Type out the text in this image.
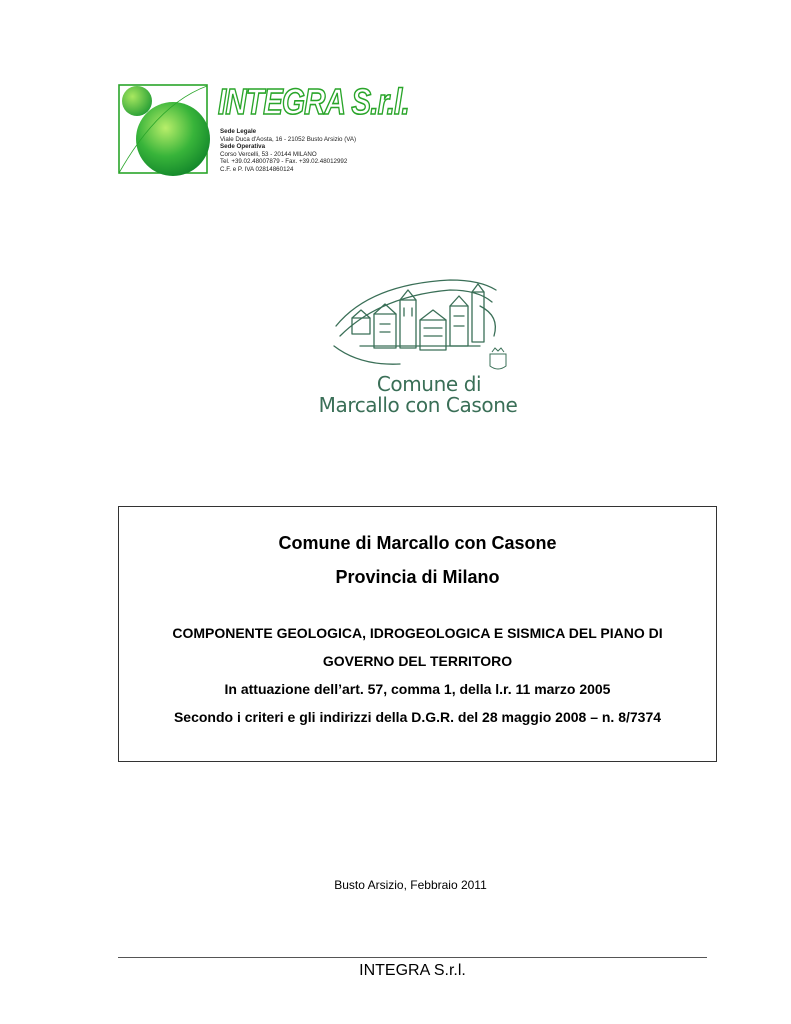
INTEGRA S.r.l.
Sede Legale
Viale Duca d'Aosta, 16 - 21052 Busto Arsizio (VA)
Sede Operativa
Corso Vercelli, 53 - 20144 MILANO
Tel. +39.02.48007879 - Fax. +39.02.48012992
C.F. e P. IVA 02814860124
Comune di
Marcallo con Casone
Comune di Marcallo con Casone
Provincia di Milano
COMPONENTE GEOLOGICA, IDROGEOLOGICA E SISMICA DEL PIANO DI
GOVERNO DEL TERRITORO
In attuazione dell’art. 57, comma 1, della l.r. 11 marzo 2005
Secondo i criteri e gli indirizzi della D.G.R. del 28 maggio 2008 – n. 8/7374
Busto Arsizio, Febbraio 2011
INTEGRA S.r.l.
